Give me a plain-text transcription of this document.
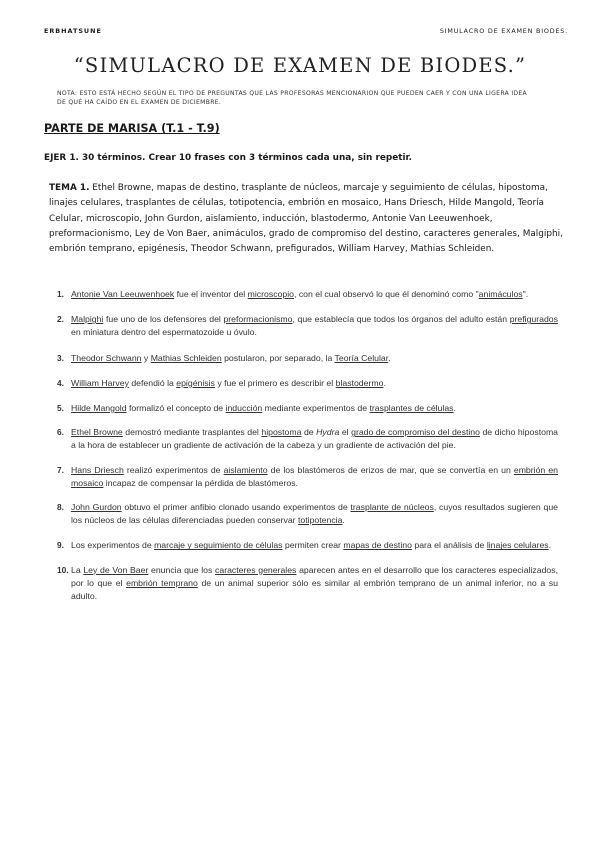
ERBHATSUNE	SIMULACRO DE EXAMEN BIODES.
“SIMULACRO DE EXAMEN DE BIODES.”
NOTA: ESTO ESTÁ HECHO SEGÚN EL TIPO DE PREGUNTAS QUE LAS PROFESORAS MENCIONARION QUE PUEDEN CAER Y CON UNA LIGERA IDEA DE QUÉ HA CAÍDO EN EL EXAMEN DE DICIEMBRE.
PARTE DE MARISA (T.1 - T.9)
EJER 1. 30 términos. Crear 10 frases con 3 términos cada una, sin repetir.
TEMA 1. Ethel Browne, mapas de destino, trasplante de núcleos, marcaje y seguimiento de células, hipostoma, linajes celulares, trasplantes de células, totipotencia, embrión en mosaico, Hans Driesch, Hilde Mangold, Teoría Celular, microscopio, John Gurdon, aislamiento, inducción, blastodermo, Antonie Van Leeuwenhoek, preformacionismo, Ley de Von Baer, animáculos, grado de compromiso del destino, caracteres generales, Malgiphi, embrión temprano, epigénesis, Theodor Schwann, prefigurados, William Harvey, Mathias Schleiden.
1. Antonie Van Leeuwenhoek fue el inventor del microscopio, con el cual observó lo que él denominó como "animáculos".
2. Malpighi fue uno de los defensores del preformacionismo, que establecía que todos los órganos del adulto están prefigurados en miniatura dentro del espermatozoide u óvulo.
3. Theodor Schwann y Mathias Schleiden postularon, por separado, la Teoría Celular.
4. William Harvey defendió la epigénisis y fue el primero es describir el blastodermo.
5. Hilde Mangold formalizó el concepto de inducción mediante experimentos de trasplantes de células.
6. Ethel Browne demostró mediante trasplantes del hipostoma de Hydra el grado de compromiso del destino de dicho hipostoma a la hora de establecer un gradiente de activación de la cabeza y un gradiente de activación del pie.
7. Hans Driesch realizó experimentos de aislamiento de los blastómeros de erizos de mar, que se convertía en un embrión en mosaico incapaz de compensar la pérdida de blastómeros.
8. John Gurdon obtuvo el primer anfibio clonado usando experimentos de trasplante de núcleos, cuyos resultados sugieren que los núcleos de las células diferenciadas pueden conservar totipotencia.
9. Los experimentos de marcaje y seguimiento de células permiten crear mapas de destino para el análisis de linajes celulares.
10. La Ley de Von Baer enuncia que los caracteres generales aparecen antes en el desarrollo que los caracteres especializados, por lo que el embrión temprano de un animal superior sólo es similar al embrión temprano de un animal inferior, no a su adulto.
